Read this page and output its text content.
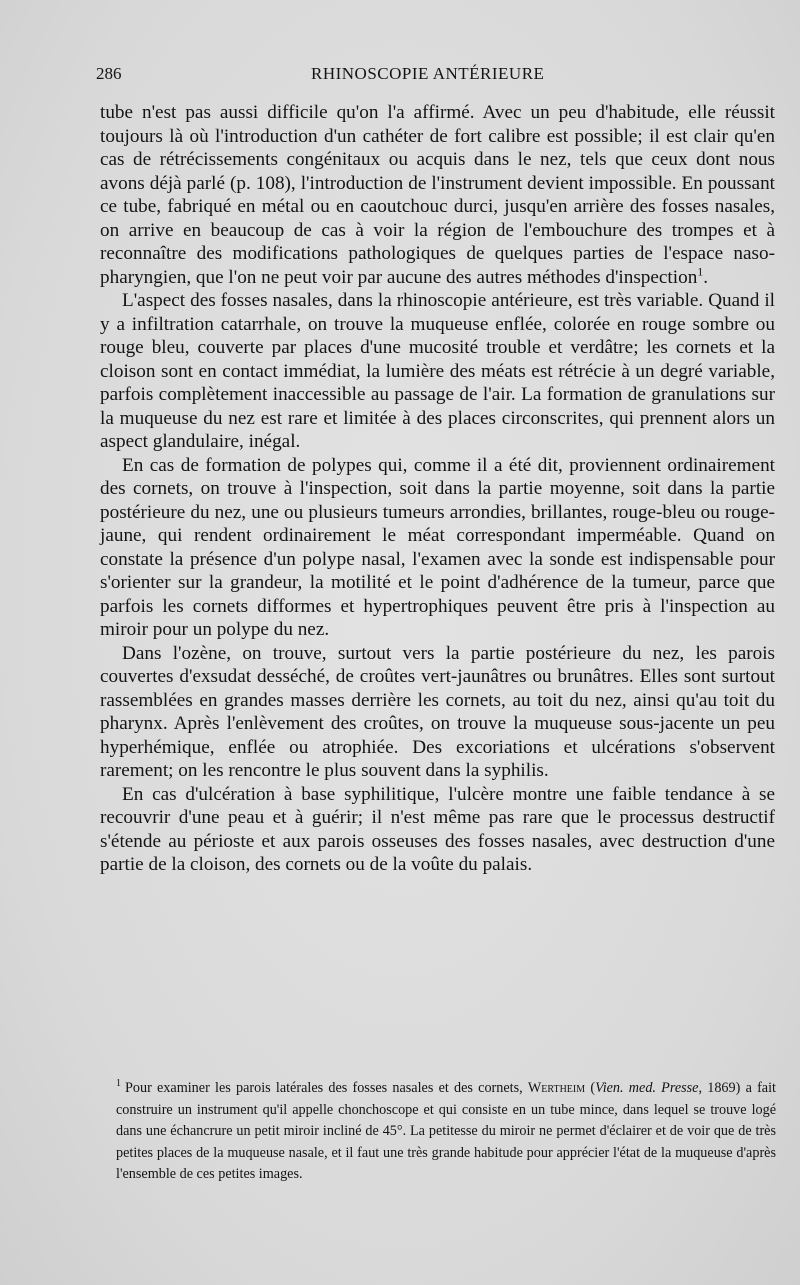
286	RHINOSCOPIE ANTÉRIEURE

tube n'est pas aussi difficile qu'on l'a affirmé. Avec un peu d'habitude, elle réussit toujours là où l'introduction d'un cathéter de fort calibre est possible; il est clair qu'en cas de rétrécissements congénitaux ou acquis dans le nez, tels que ceux dont nous avons déjà parlé (p. 108), l'introduction de l'instrument devient impossible. En poussant ce tube, fabriqué en métal ou en caoutchouc durci, jusqu'en arrière des fosses nasales, on arrive en beaucoup de cas à voir la région de l'embouchure des trompes et à reconnaître des modifications pathologiques de quelques parties de l'espace naso-pharyngien, que l'on ne peut voir par aucune des autres méthodes d'inspection$^1$.

L'aspect des fosses nasales, dans la rhinoscopie antérieure, est très variable. Quand il y a infiltration catarrhale, on trouve la muqueuse enflée, colorée en rouge sombre ou rouge bleu, couverte par places d'une mucosité trouble et verdâtre; les cornets et la cloison sont en contact immédiat, la lumière des méats est rétrécie à un degré variable, parfois complètement inaccessible au passage de l'air. La formation de granulations sur la muqueuse du nez est rare et limitée à des places circonscrites, qui prennent alors un aspect glandulaire, inégal.

En cas de formation de polypes qui, comme il a été dit, proviennent ordinairement des cornets, on trouve à l'inspection, soit dans la partie moyenne, soit dans la partie postérieure du nez, une ou plusieurs tumeurs arrondies, brillantes, rouge-bleu ou rouge-jaune, qui rendent ordinairement le méat correspondant imperméable. Quand on constate la présence d'un polype nasal, l'examen avec la sonde est indispensable pour s'orienter sur la grandeur, la motilité et le point d'adhérence de la tumeur, parce que parfois les cornets difformes et hypertrophiques peuvent être pris à l'inspection au miroir pour un polype du nez.

Dans l'ozène, on trouve, surtout vers la partie postérieure du nez, les parois couvertes d'exsudat desséché, de croûtes vert-jaunâtres ou brunâtres. Elles sont surtout rassemblées en grandes masses derrière les cornets, au toit du nez, ainsi qu'au toit du pharynx. Après l'enlèvement des croûtes, on trouve la muqueuse sous-jacente un peu hyperhémique, enflée ou atrophiée. Des excoriations et ulcérations s'observent rarement; on les rencontre le plus souvent dans la syphilis.

En cas d'ulcération à base syphilitique, l'ulcère montre une faible tendance à se recouvrir d'une peau et à guérir; il n'est même pas rare que le processus destructif s'étende au périoste et aux parois osseuses des fosses nasales, avec destruction d'une partie de la cloison, des cornets ou de la voûte du palais.

$^1$ Pour examiner les parois latérales des fosses nasales et des cornets, Wertheim (Vien. med. Presse, 1869) a fait construire un instrument qu'il appelle chonchoscope et qui consiste en un tube mince, dans lequel se trouve logé dans une échancrure un petit miroir incliné de 45°. La petitesse du miroir ne permet d'éclairer et de voir que de très petites places de la muqueuse nasale, et il faut une très grande habitude pour apprécier l'état de la muqueuse d'après l'ensemble de ces petites images.
